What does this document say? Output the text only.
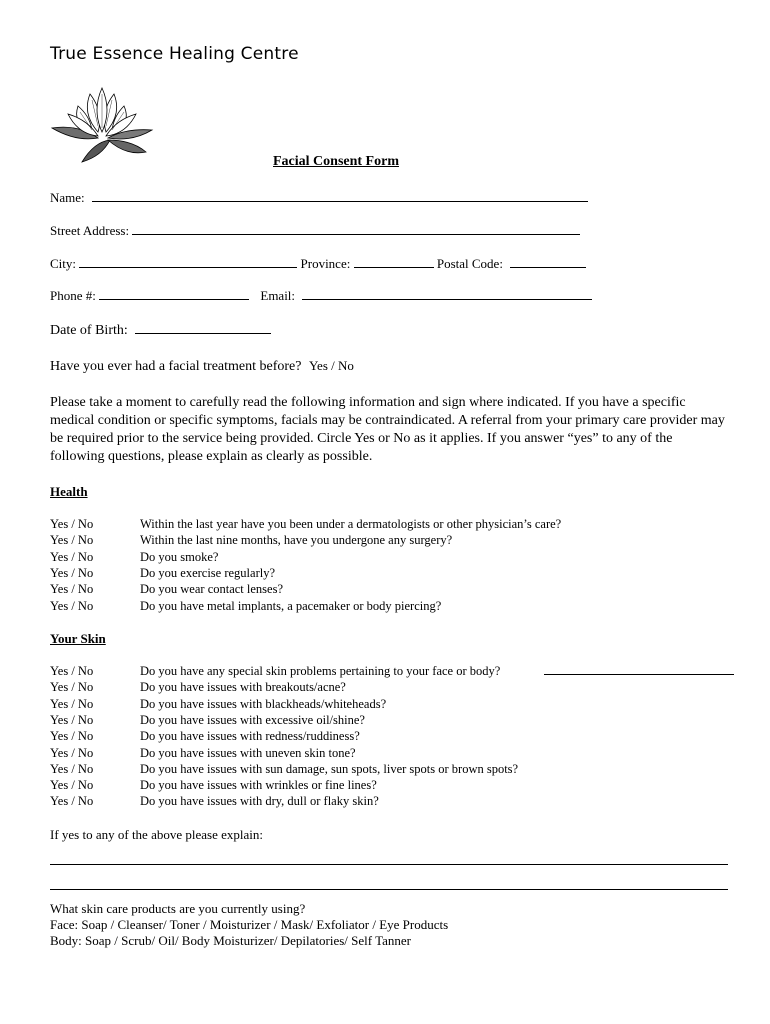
True Essence Healing Centre
Facial Consent Form
Name:
Street Address:
City:	Province:	Postal Code:
Phone #:	Email:
Date of Birth:
Have you ever had a facial treatment before? Yes / No
Please take a moment to carefully read the following information and sign where indicated. If you have a specific medical condition or specific symptoms, facials may be contraindicated. A referral from your primary care provider may be required prior to the service being provided. Circle Yes or No as it applies. If you answer “yes” to any of the following questions, please explain as clearly as possible.
Health
Yes / No	Within the last year have you been under a dermatologists or other physician’s care?
Yes / No	Within the last nine months, have you undergone any surgery?
Yes / No	Do you smoke?
Yes / No	Do you exercise regularly?
Yes / No	Do you wear contact lenses?
Yes / No	Do you have metal implants, a pacemaker or body piercing?
Your Skin
Yes / No	Do you have any special skin problems pertaining to your face or body?
Yes / No	Do you have issues with breakouts/acne?
Yes / No	Do you have issues with blackheads/whiteheads?
Yes / No	Do you have issues with excessive oil/shine?
Yes / No	Do you have issues with redness/ruddiness?
Yes / No	Do you have issues with uneven skin tone?
Yes / No	Do you have issues with sun damage, sun spots, liver spots or brown spots?
Yes / No	Do you have issues with wrinkles or fine lines?
Yes / No	Do you have issues with dry, dull or flaky skin?
If yes to any of the above please explain:
What skin care products are you currently using?
Face: Soap / Cleanser/ Toner / Moisturizer / Mask/ Exfoliator / Eye Products
Body: Soap / Scrub/ Oil/ Body Moisturizer/ Depilatories/ Self Tanner
